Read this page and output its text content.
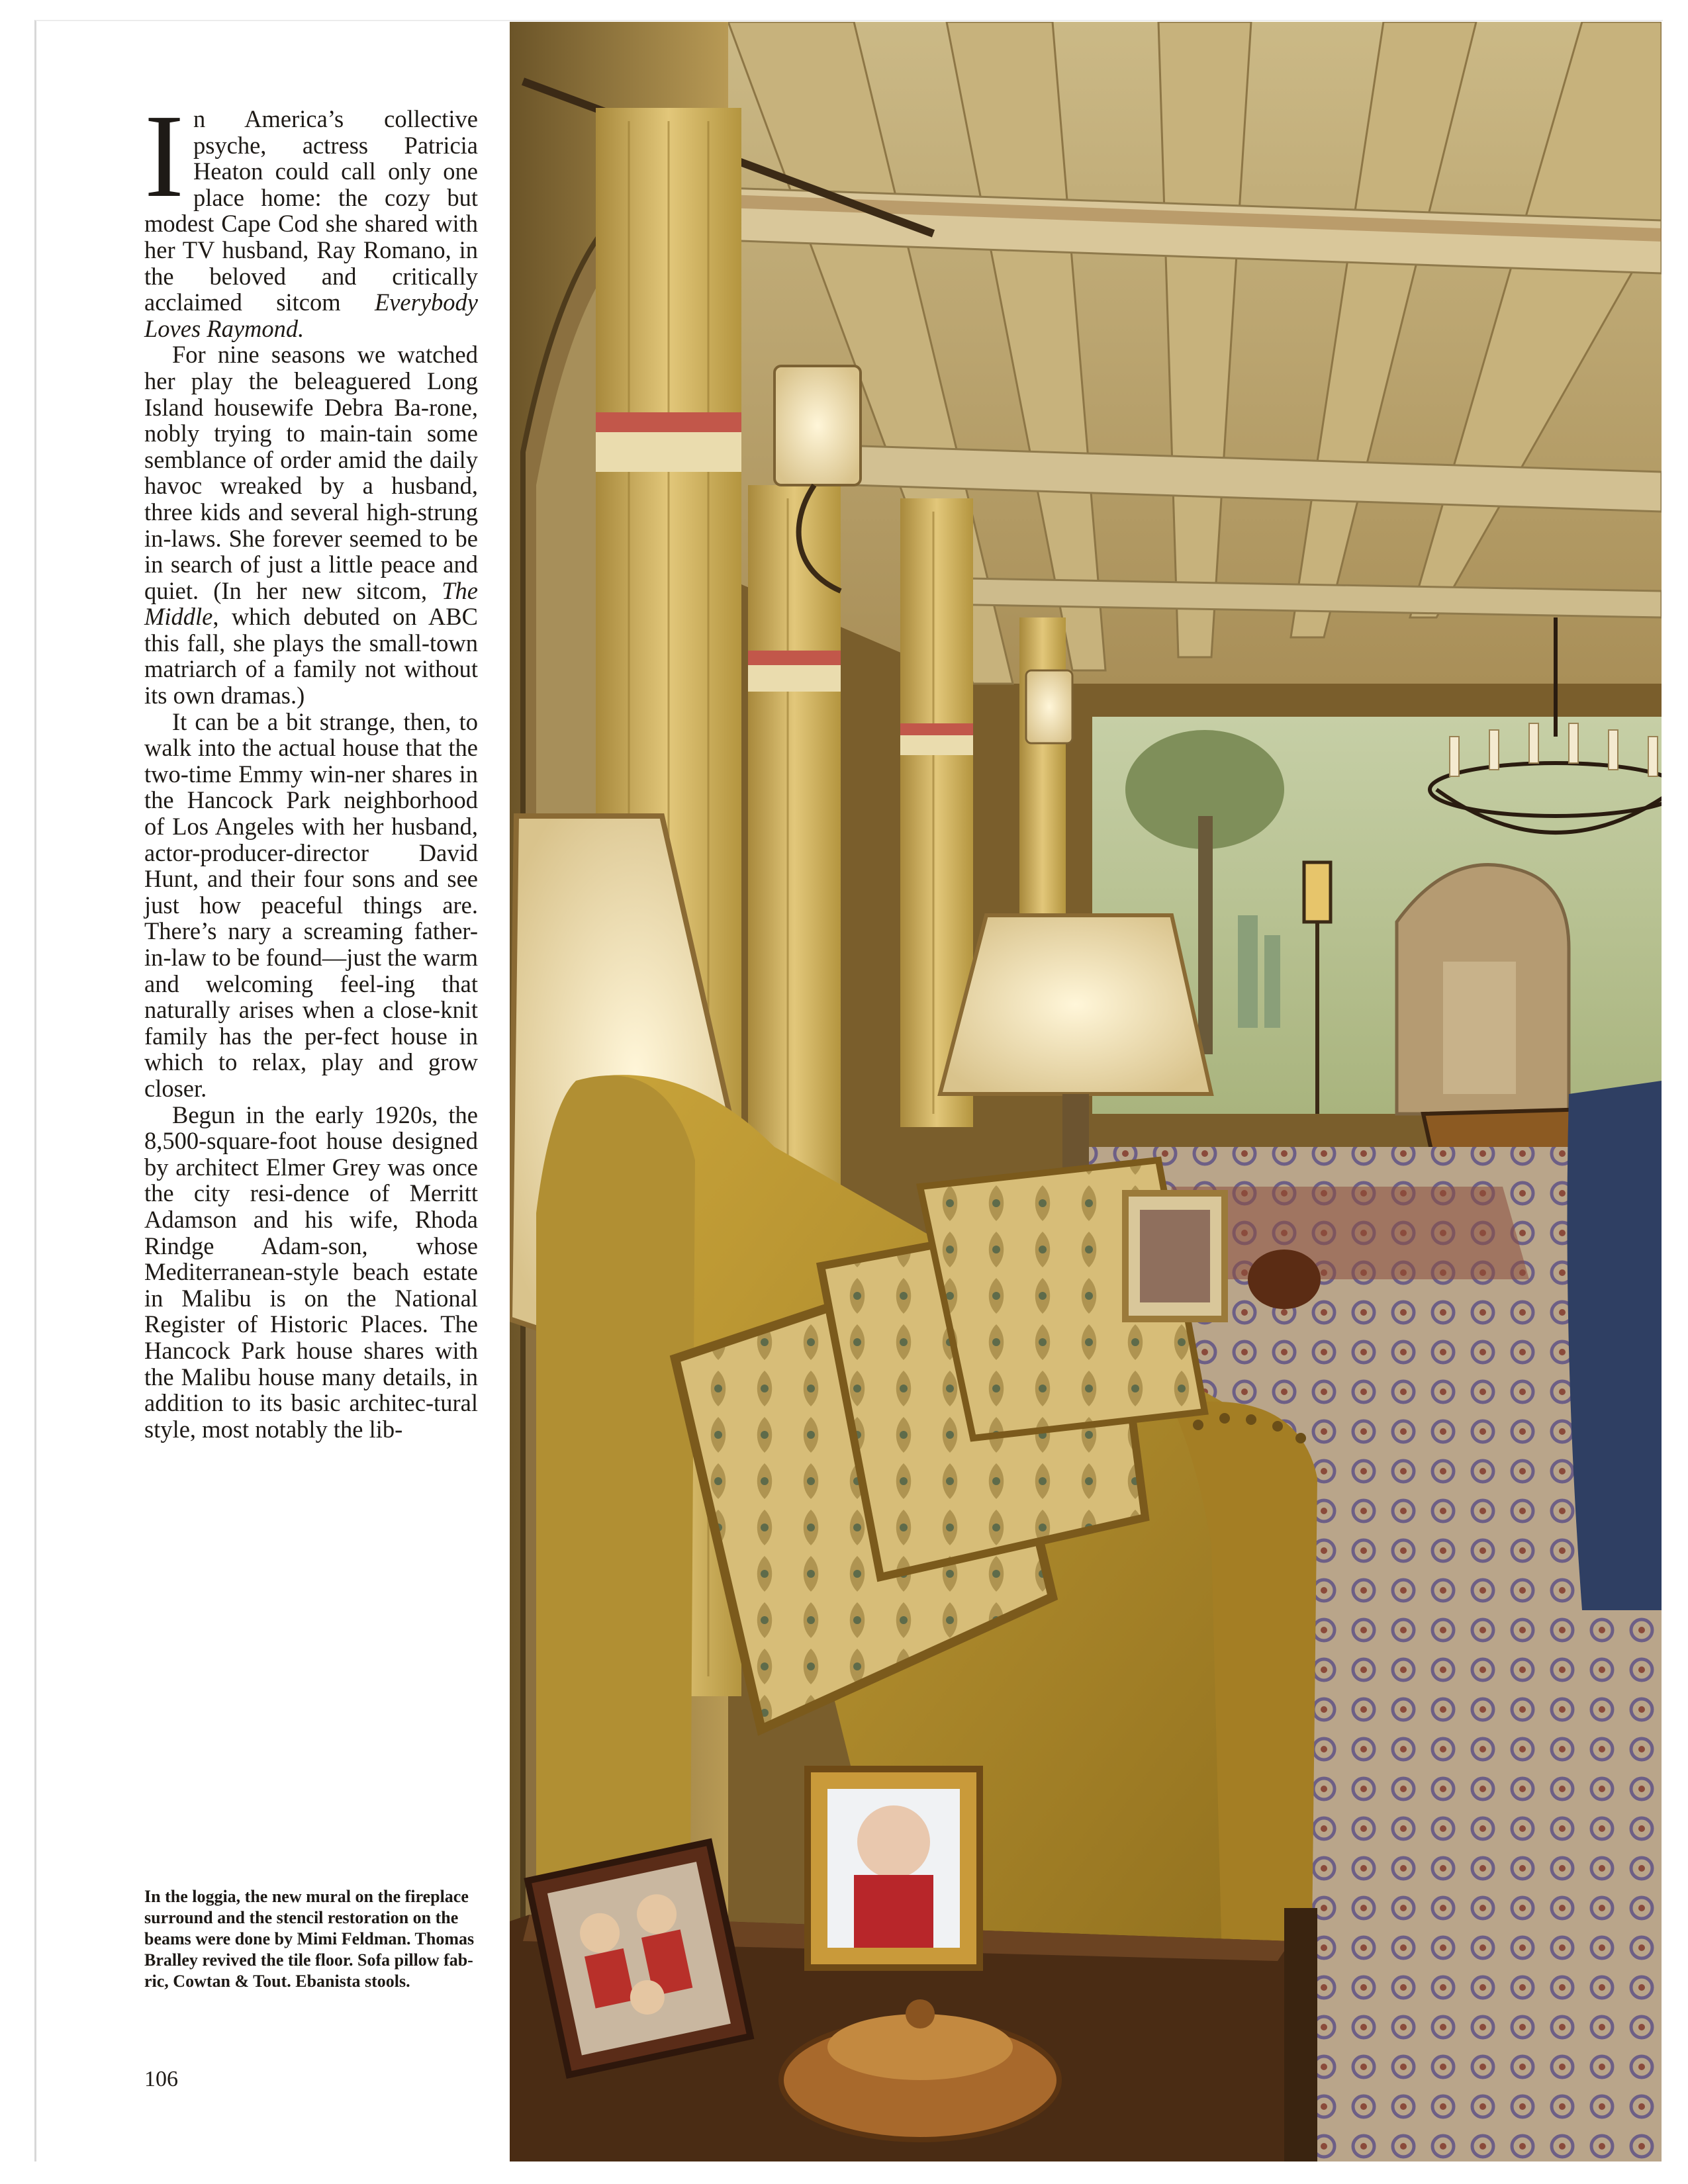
In America’s collective psyche, actress Patricia Heaton could call only one place home: the cozy but modest Cape Cod she shared with her TV husband, Ray Romano, in the beloved and critically acclaimed sitcom Everybody Loves Raymond.

For nine seasons we watched her play the beleaguered Long Island housewife Debra Ba-rone, nobly trying to main-tain some semblance of order amid the daily havoc wreaked by a husband, three kids and several high-strung in-laws. She forever seemed to be in search of just a little peace and quiet. (In her new sitcom, The Middle, which debuted on ABC this fall, she plays the small-town matriarch of a family not without its own dramas.)

It can be a bit strange, then, to walk into the actual house that the two-time Emmy win-ner shares in the Hancock Park neighborhood of Los Angeles with her husband, actor-producer-director David Hunt, and their four sons and see just how peaceful things are. There’s nary a screaming father-in-law to be found—just the warm and welcoming feel-ing that naturally arises when a close-knit family has the per-fect house in which to relax, play and grow closer.

Begun in the early 1920s, the 8,500-square-foot house designed by architect Elmer Grey was once the city resi-dence of Merritt Adamson and his wife, Rhoda Rindge Adam-son, whose Mediterranean-style beach estate in Malibu is on the National Register of Historic Places. The Hancock Park house shares with the Malibu house many details, in addition to its basic architec-tural style, most notably the lib-

In the loggia, the new mural on the fireplace surround and the stencil restoration on the beams were done by Mimi Feldman. Thomas Bralley revived the tile floor. Sofa pillow fab-ric, Cowtan & Tout. Ebanista stools.
106
